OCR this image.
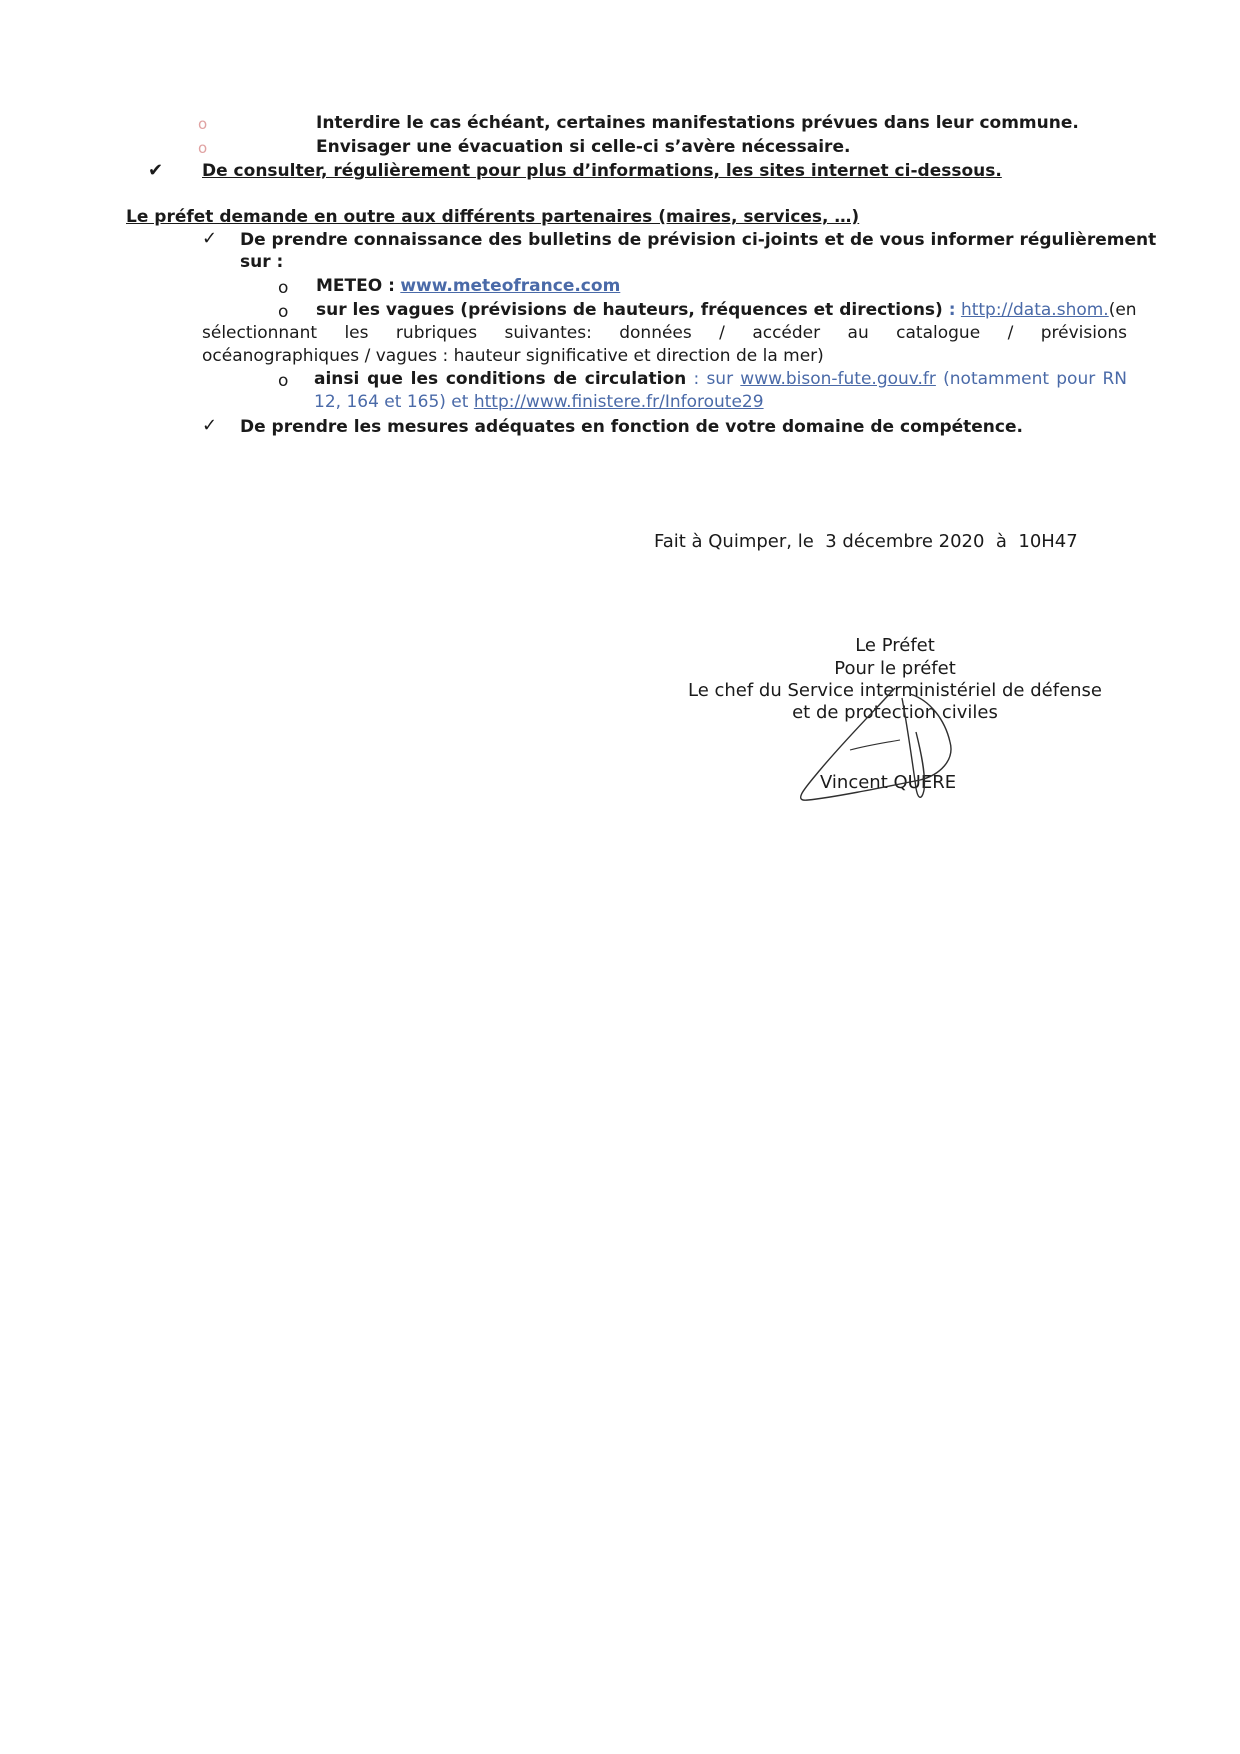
o	Interdire le cas échéant, certaines manifestations prévues dans leur commune.
o	Envisager une évacuation si celle-ci s’avère nécessaire.
✔ De consulter, régulièrement pour plus d’informations, les sites internet ci-dessous.
Le préfet demande en outre aux différents partenaires (maires, services, …)
✓ De prendre connaissance des bulletins de prévision ci-joints et de vous informer régulièrement
sur :
o METEO : www.meteofrance.com
o sur les vagues (prévisions de hauteurs, fréquences et directions) : http://data.shom.(en
sélectionnant les rubriques suivantes: données / accéder au catalogue / prévisions
océanographiques / vagues : hauteur significative et direction de la mer)
o ainsi que les conditions de circulation : sur www.bison-fute.gouv.fr (notamment pour RN
12, 164 et 165) et http://www.finistere.fr/Inforoute29
✓ De prendre les mesures adéquates en fonction de votre domaine de compétence.
Fait à Quimper, le  3 décembre 2020  à  10H47
Le Préfet
Pour le préfet
Le chef du Service interministériel de défense
et de protection civiles
Vincent QUERE
